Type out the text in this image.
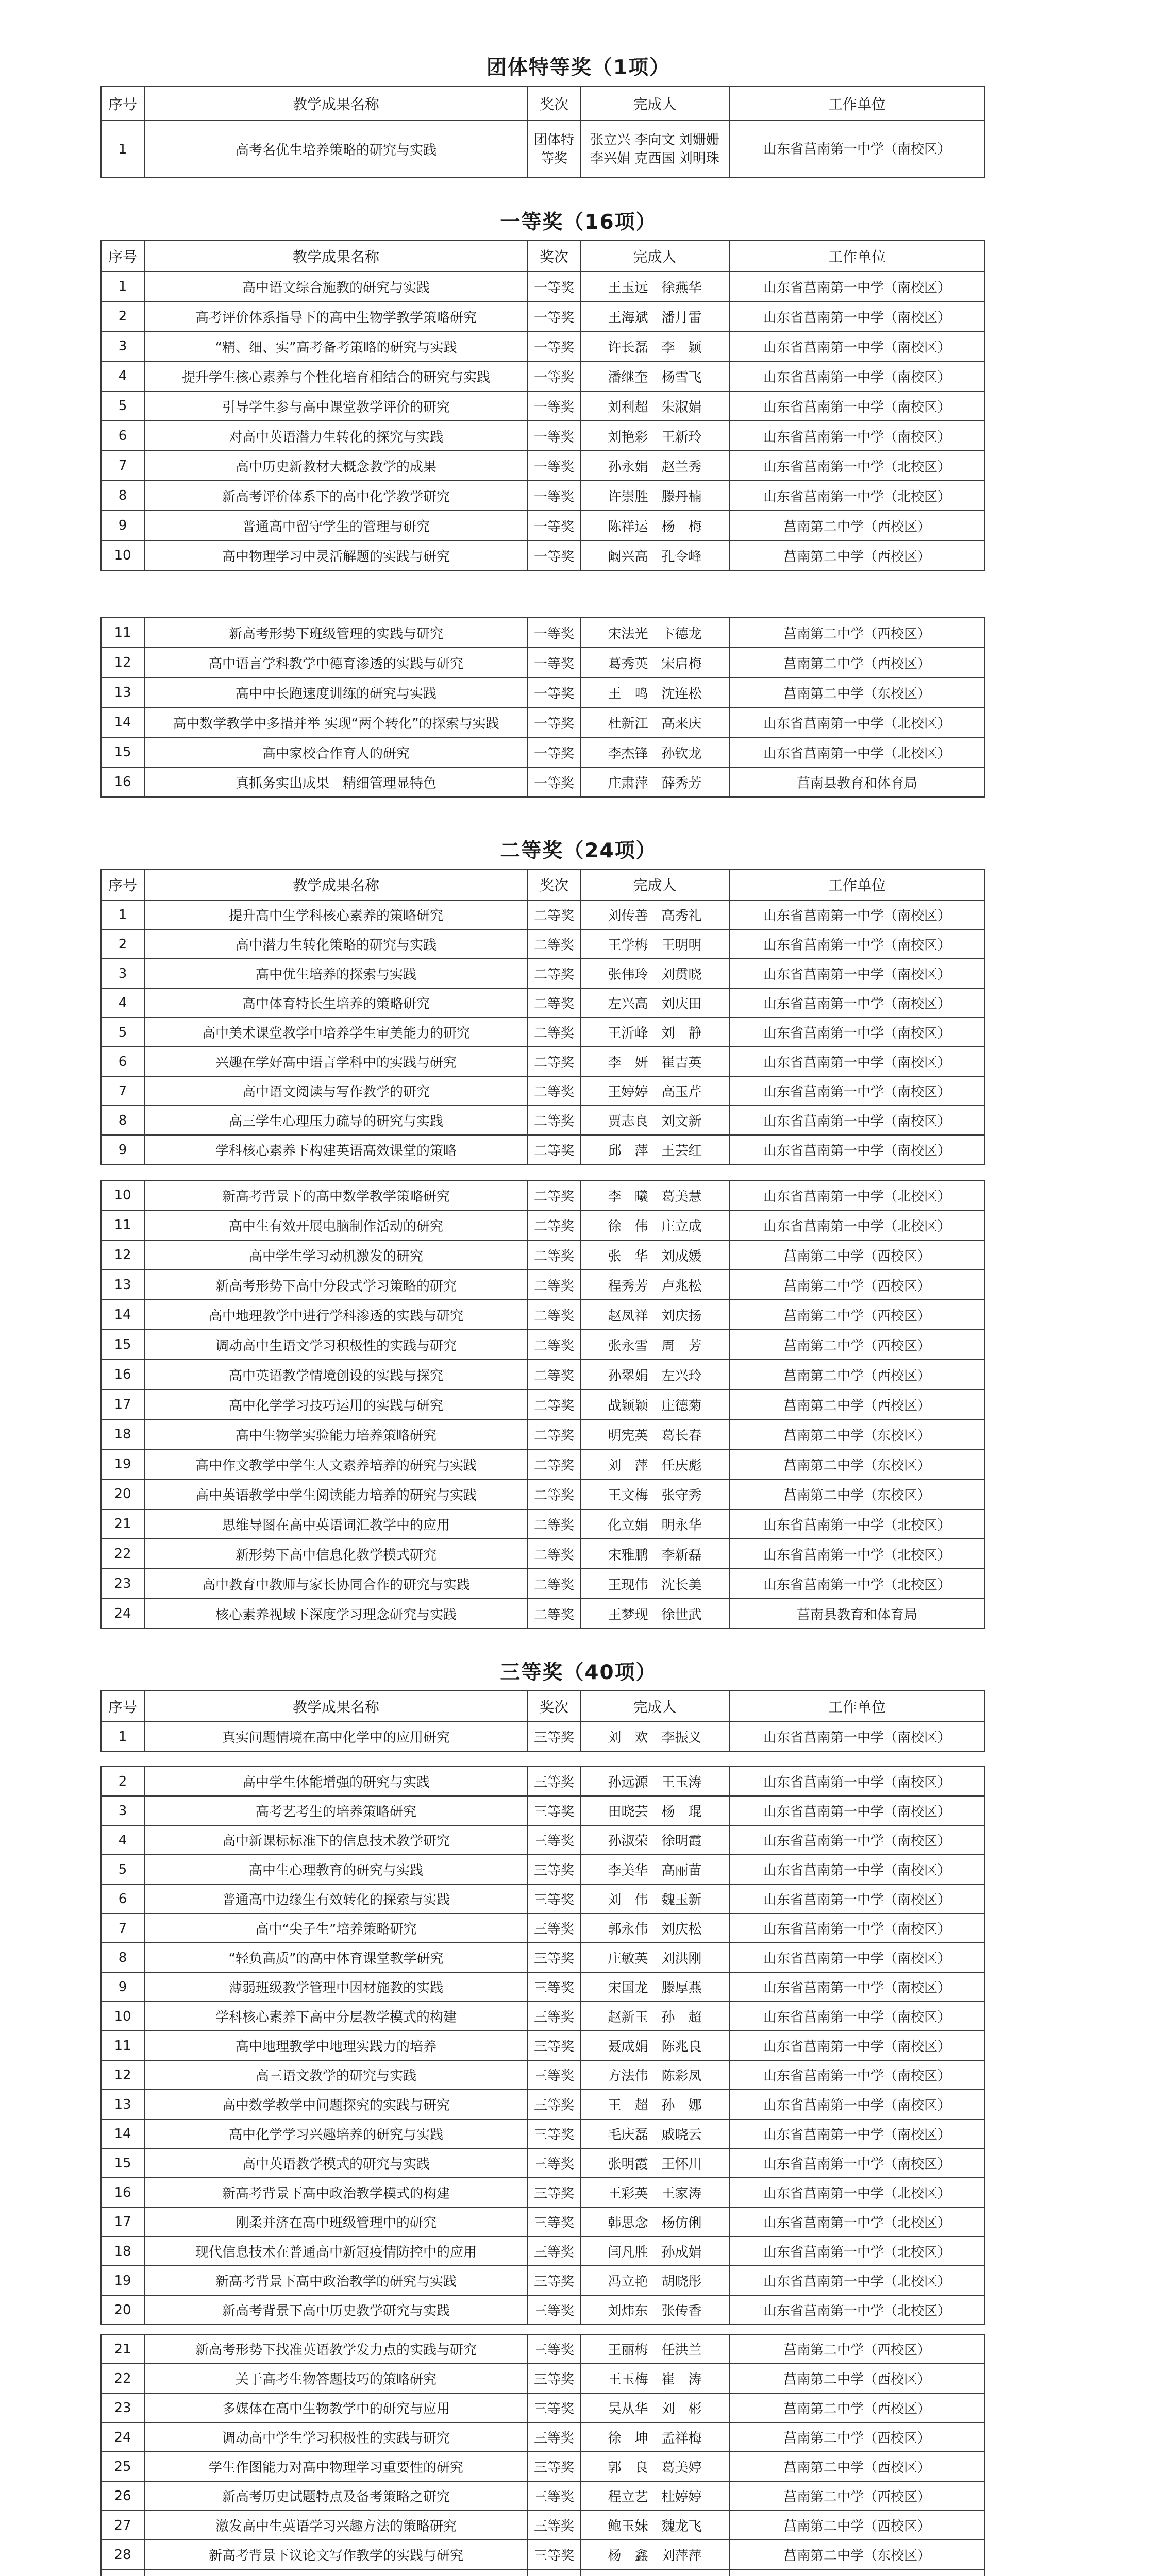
团体特等奖（1项）
序号	教学成果名称	奖次	完成人	工作单位
1	高考名优生培养策略的研究与实践	团体特等奖	张立兴 李向文 刘姗姗 李兴娟 克西国 刘明珠	山东省莒南第一中学（南校区）
一等奖（16项）
序号	教学成果名称	奖次	完成人	工作单位
1	高中语文综合施教的研究与实践	一等奖	王玉远　徐燕华	山东省莒南第一中学（南校区）
2	高考评价体系指导下的高中生物学教学策略研究	一等奖	王海斌　潘月雷	山东省莒南第一中学（南校区）
3	“精、细、实”高考备考策略的研究与实践	一等奖	许长磊　李　颖	山东省莒南第一中学（南校区）
4	提升学生核心素养与个性化培育相结合的研究与实践	一等奖	潘继奎　杨雪飞	山东省莒南第一中学（南校区）
5	引导学生参与高中课堂教学评价的研究	一等奖	刘利超　朱淑娟	山东省莒南第一中学（南校区）
6	对高中英语潜力生转化的探究与实践	一等奖	刘艳彩　王新玲	山东省莒南第一中学（南校区）
7	高中历史新教材大概念教学的成果	一等奖	孙永娟　赵兰秀	山东省莒南第一中学（北校区）
8	新高考评价体系下的高中化学教学研究	一等奖	许崇胜　滕丹楠	山东省莒南第一中学（北校区）
9	普通高中留守学生的管理与研究	一等奖	陈祥运　杨　梅	莒南第二中学（西校区）
10	高中物理学习中灵活解题的实践与研究	一等奖	阚兴高　孔令峰	莒南第二中学（西校区）
11	新高考形势下班级管理的实践与研究	一等奖	宋法光　卞德龙	莒南第二中学（西校区）
12	高中语言学科教学中德育渗透的实践与研究	一等奖	葛秀英　宋启梅	莒南第二中学（西校区）
13	高中中长跑速度训练的研究与实践	一等奖	王　鸣　沈连松	莒南第二中学（东校区）
14	高中数学教学中多措并举 实现“两个转化”的探索与实践	一等奖	杜新江　高来庆	山东省莒南第一中学（北校区）
15	高中家校合作育人的研究	一等奖	李杰锋　孙钦龙	山东省莒南第一中学（北校区）
16	真抓务实出成果　精细管理显特色	一等奖	庄肃萍　薛秀芳	莒南县教育和体育局
二等奖（24项）
序号	教学成果名称	奖次	完成人	工作单位
1	提升高中生学科核心素养的策略研究	二等奖	刘传善　高秀礼	山东省莒南第一中学（南校区）
2	高中潜力生转化策略的研究与实践	二等奖	王学梅　王明明	山东省莒南第一中学（南校区）
3	高中优生培养的探索与实践	二等奖	张伟玲　刘贯晓	山东省莒南第一中学（南校区）
4	高中体育特长生培养的策略研究	二等奖	左兴高　刘庆田	山东省莒南第一中学（南校区）
5	高中美术课堂教学中培养学生审美能力的研究	二等奖	王沂峰　刘　静	山东省莒南第一中学（南校区）
6	兴趣在学好高中语言学科中的实践与研究	二等奖	李　妍　崔吉英	山东省莒南第一中学（南校区）
7	高中语文阅读与写作教学的研究	二等奖	王婷婷　高玉芹	山东省莒南第一中学（南校区）
8	高三学生心理压力疏导的研究与实践	二等奖	贾志良　刘文新	山东省莒南第一中学（南校区）
9	学科核心素养下构建英语高效课堂的策略	二等奖	邱　萍　王芸红	山东省莒南第一中学（南校区）
10	新高考背景下的高中数学教学策略研究	二等奖	李　曦　葛美慧	山东省莒南第一中学（北校区）
11	高中生有效开展电脑制作活动的研究	二等奖	徐　伟　庄立成	山东省莒南第一中学（北校区）
12	高中学生学习动机激发的研究	二等奖	张　华　刘成媛	莒南第二中学（西校区）
13	新高考形势下高中分段式学习策略的研究	二等奖	程秀芳　卢兆松	莒南第二中学（西校区）
14	高中地理教学中进行学科渗透的实践与研究	二等奖	赵凤祥　刘庆扬	莒南第二中学（西校区）
15	调动高中生语文学习积极性的实践与研究	二等奖	张永雪　周　芳	莒南第二中学（西校区）
16	高中英语教学情境创设的实践与探究	二等奖	孙翠娟　左兴玲	莒南第二中学（西校区）
17	高中化学学习技巧运用的实践与研究	二等奖	战颖颖　庄德菊	莒南第二中学（西校区）
18	高中生物学实验能力培养策略研究	二等奖	明宪英　葛长春	莒南第二中学（东校区）
19	高中作文教学中学生人文素养培养的研究与实践	二等奖	刘　萍　任庆彪	莒南第二中学（东校区）
20	高中英语教学中学生阅读能力培养的研究与实践	二等奖	王文梅　张守秀	莒南第二中学（东校区）
21	思维导图在高中英语词汇教学中的应用	二等奖	化立娟　明永华	山东省莒南第一中学（北校区）
22	新形势下高中信息化教学模式研究	二等奖	宋雅鹏　李新磊	山东省莒南第一中学（北校区）
23	高中教育中教师与家长协同合作的研究与实践	二等奖	王现伟　沈长美	山东省莒南第一中学（北校区）
24	核心素养视域下深度学习理念研究与实践	二等奖	王梦现　徐世武	莒南县教育和体育局
三等奖（40项）
序号	教学成果名称	奖次	完成人	工作单位
1	真实问题情境在高中化学中的应用研究	三等奖	刘　欢　李振义	山东省莒南第一中学（南校区）
2	高中学生体能增强的研究与实践	三等奖	孙远源　王玉涛	山东省莒南第一中学（南校区）
3	高考艺考生的培养策略研究	三等奖	田晓芸　杨　琨	山东省莒南第一中学（南校区）
4	高中新课标标准下的信息技术教学研究	三等奖	孙淑荣　徐明霞	山东省莒南第一中学（南校区）
5	高中生心理教育的研究与实践	三等奖	李美华　高丽苗	山东省莒南第一中学（南校区）
6	普通高中边缘生有效转化的探索与实践	三等奖	刘　伟　魏玉新	山东省莒南第一中学（南校区）
7	高中“尖子生”培养策略研究	三等奖	郭永伟　刘庆松	山东省莒南第一中学（南校区）
8	“轻负高质”的高中体育课堂教学研究	三等奖	庄敏英　刘洪刚	山东省莒南第一中学（南校区）
9	薄弱班级教学管理中因材施教的实践	三等奖	宋国龙　滕厚燕	山东省莒南第一中学（南校区）
10	学科核心素养下高中分层教学模式的构建	三等奖	赵新玉　孙　超	山东省莒南第一中学（南校区）
11	高中地理教学中地理实践力的培养	三等奖	聂成娟　陈兆良	山东省莒南第一中学（南校区）
12	高三语文教学的研究与实践	三等奖	方法伟　陈彩凤	山东省莒南第一中学（南校区）
13	高中数学教学中问题探究的实践与研究	三等奖	王　超　孙　娜	山东省莒南第一中学（南校区）
14	高中化学学习兴趣培养的研究与实践	三等奖	毛庆磊　戚晓云	山东省莒南第一中学（南校区）
15	高中英语教学模式的研究与实践	三等奖	张明霞　王怀川	山东省莒南第一中学（南校区）
16	新高考背景下高中政治教学模式的构建	三等奖	王彩英　王家涛	山东省莒南第一中学（北校区）
17	刚柔并济在高中班级管理中的研究	三等奖	韩思念　杨仿俐	山东省莒南第一中学（北校区）
18	现代信息技术在普通高中新冠疫情防控中的应用	三等奖	闫凡胜　孙成娟	山东省莒南第一中学（北校区）
19	新高考背景下高中政治教学的研究与实践	三等奖	冯立艳　胡晓彤	山东省莒南第一中学（北校区）
20	新高考背景下高中历史教学研究与实践	三等奖	刘炜东　张传香	山东省莒南第一中学（北校区）
21	新高考形势下找准英语教学发力点的实践与研究	三等奖	王丽梅　任洪兰	莒南第二中学（西校区）
22	关于高考生物答题技巧的策略研究	三等奖	王玉梅　崔　涛	莒南第二中学（西校区）
23	多媒体在高中生物教学中的研究与应用	三等奖	吴从华　刘　彬	莒南第二中学（西校区）
24	调动高中学生学习积极性的实践与研究	三等奖	徐　坤　孟祥梅	莒南第二中学（西校区）
25	学生作图能力对高中物理学习重要性的研究	三等奖	郭　良　葛美婷	莒南第二中学（西校区）
26	新高考历史试题特点及备考策略之研究	三等奖	程立艺　杜婷婷	莒南第二中学（西校区）
27	激发高中生英语学习兴趣方法的策略研究	三等奖	鲍玉妹　魏龙飞	莒南第二中学（西校区）
28	新高考背景下议论文写作教学的实践与研究	三等奖	杨　鑫　刘萍萍	莒南第二中学（东校区）
